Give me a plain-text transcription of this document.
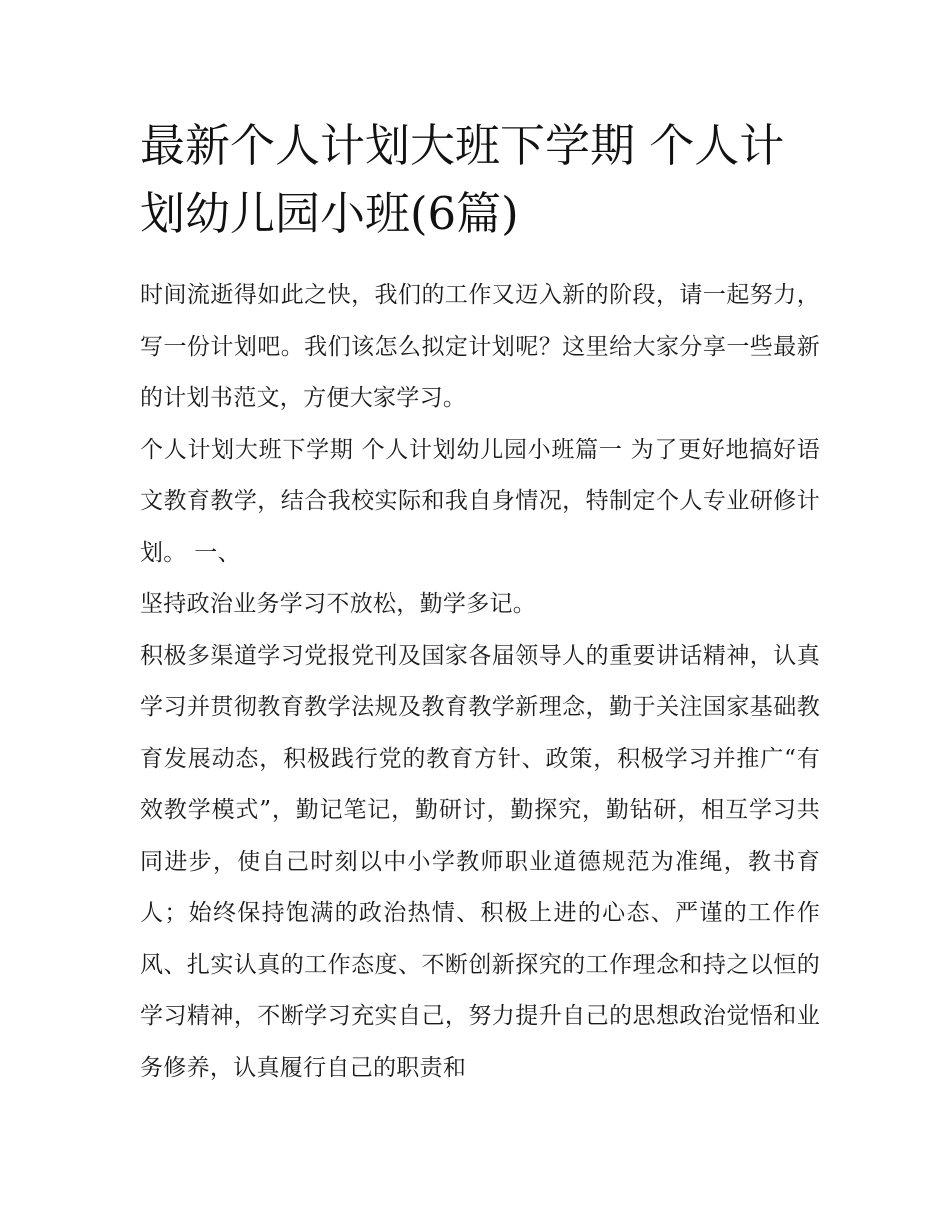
最新个人计划大班下学期 个人计划幼儿园小班(6篇)

时间流逝得如此之快，我们的工作又迈入新的阶段，请一起努力，写一份计划吧。我们该怎么拟定计划呢？这里给大家分享一些最新的计划书范文，方便大家学习。

个人计划大班下学期 个人计划幼儿园小班篇一 为了更好地搞好语文教育教学，结合我校实际和我自身情况，特制定个人专业研修计划。 一、

坚持政治业务学习不放松，勤学多记。

积极多渠道学习党报党刊及国家各届领导人的重要讲话精神，认真学习并贯彻教育教学法规及教育教学新理念，勤于关注国家基础教育发展动态，积极践行党的教育方针、政策，积极学习并推广“有效教学模式”，勤记笔记，勤研讨，勤探究，勤钻研，相互学习共同进步，使自己时刻以中小学教师职业道德规范为准绳，教书育人；始终保持饱满的政治热情、积极上进的心态、严谨的工作作风、扎实认真的工作态度、不断创新探究的工作理念和持之以恒的学习精神，不断学习充实自己，努力提升自己的思想政治觉悟和业务修养，认真履行自己的职责和
